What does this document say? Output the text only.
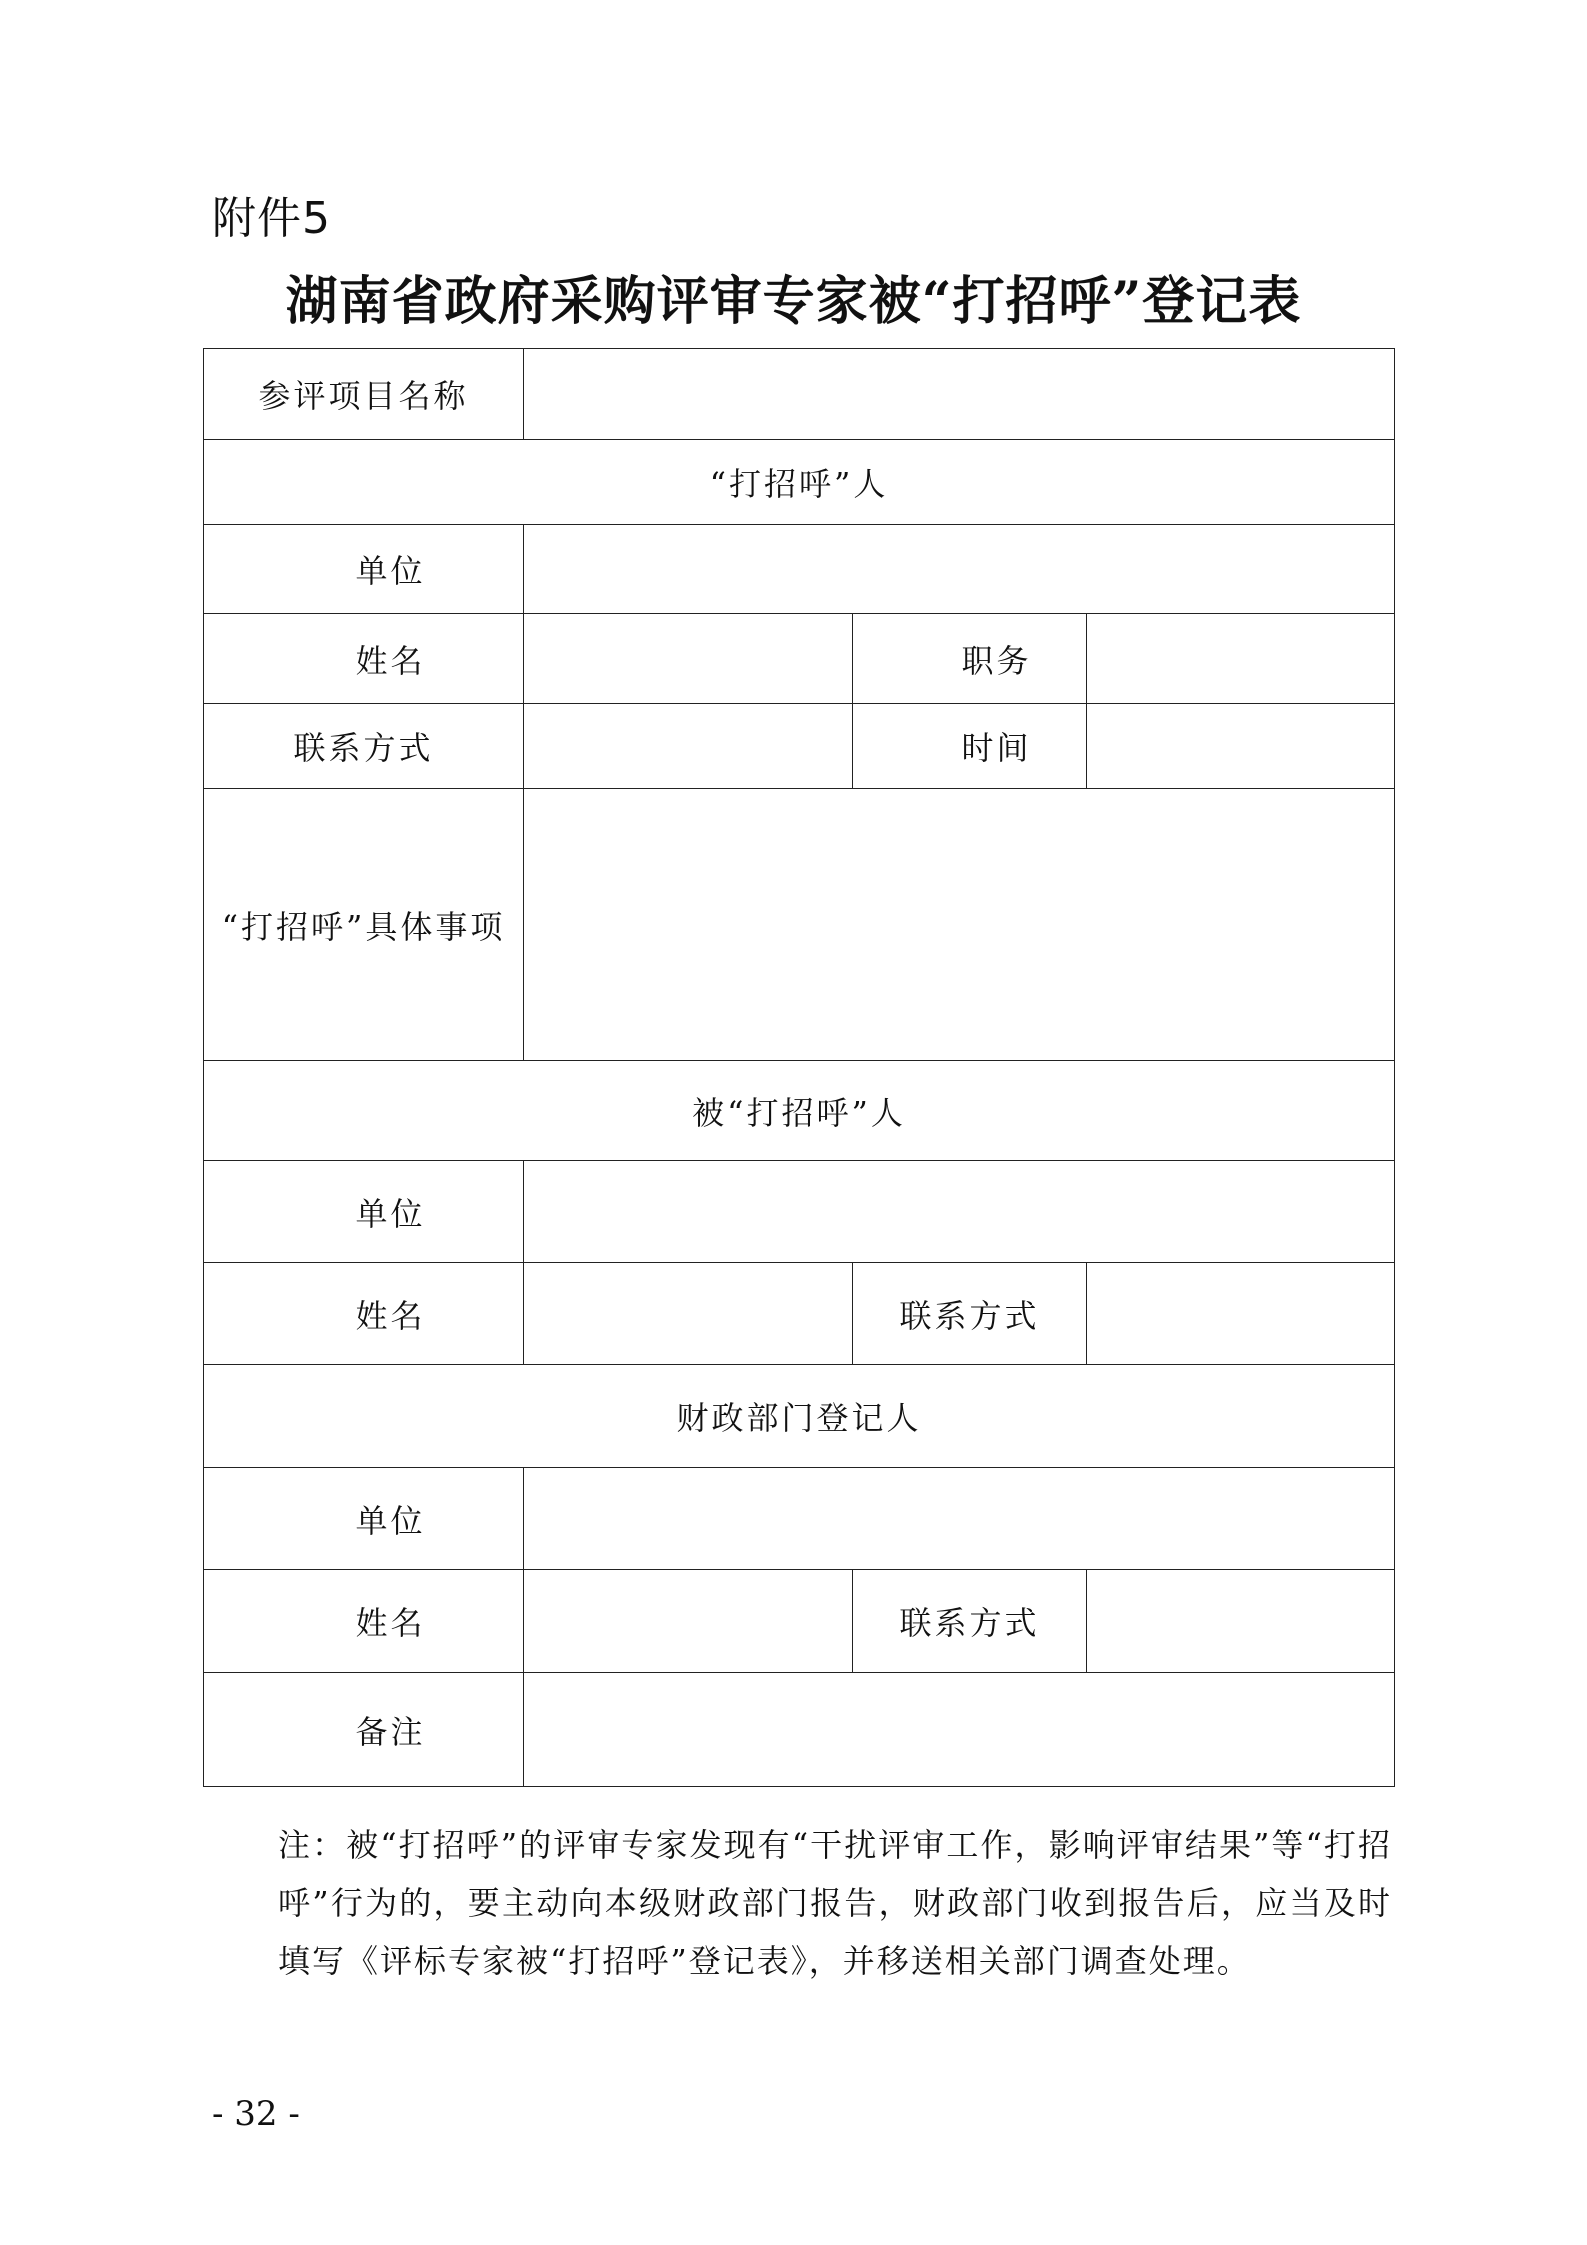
附件5
湖南省政府采购评审专家被“打招呼”登记表
参评项目名称			
“打招呼”人			
单位			
姓名		职务	
联系方式		时间	
“打招呼”具体事项			
被“打招呼”人			
单位			
姓名		联系方式	
财政部门登记人			
单位			
姓名		联系方式	
备注			
注：被“打招呼”的评审专家发现有“干扰评审工作，影响评审结果”等“打招呼”行为的，要主动向本级财政部门报告，财政部门收到报告后，应当及时填写《评标专家被“打招呼”登记表》，并移送相关部门调查处理。
- 32 -
